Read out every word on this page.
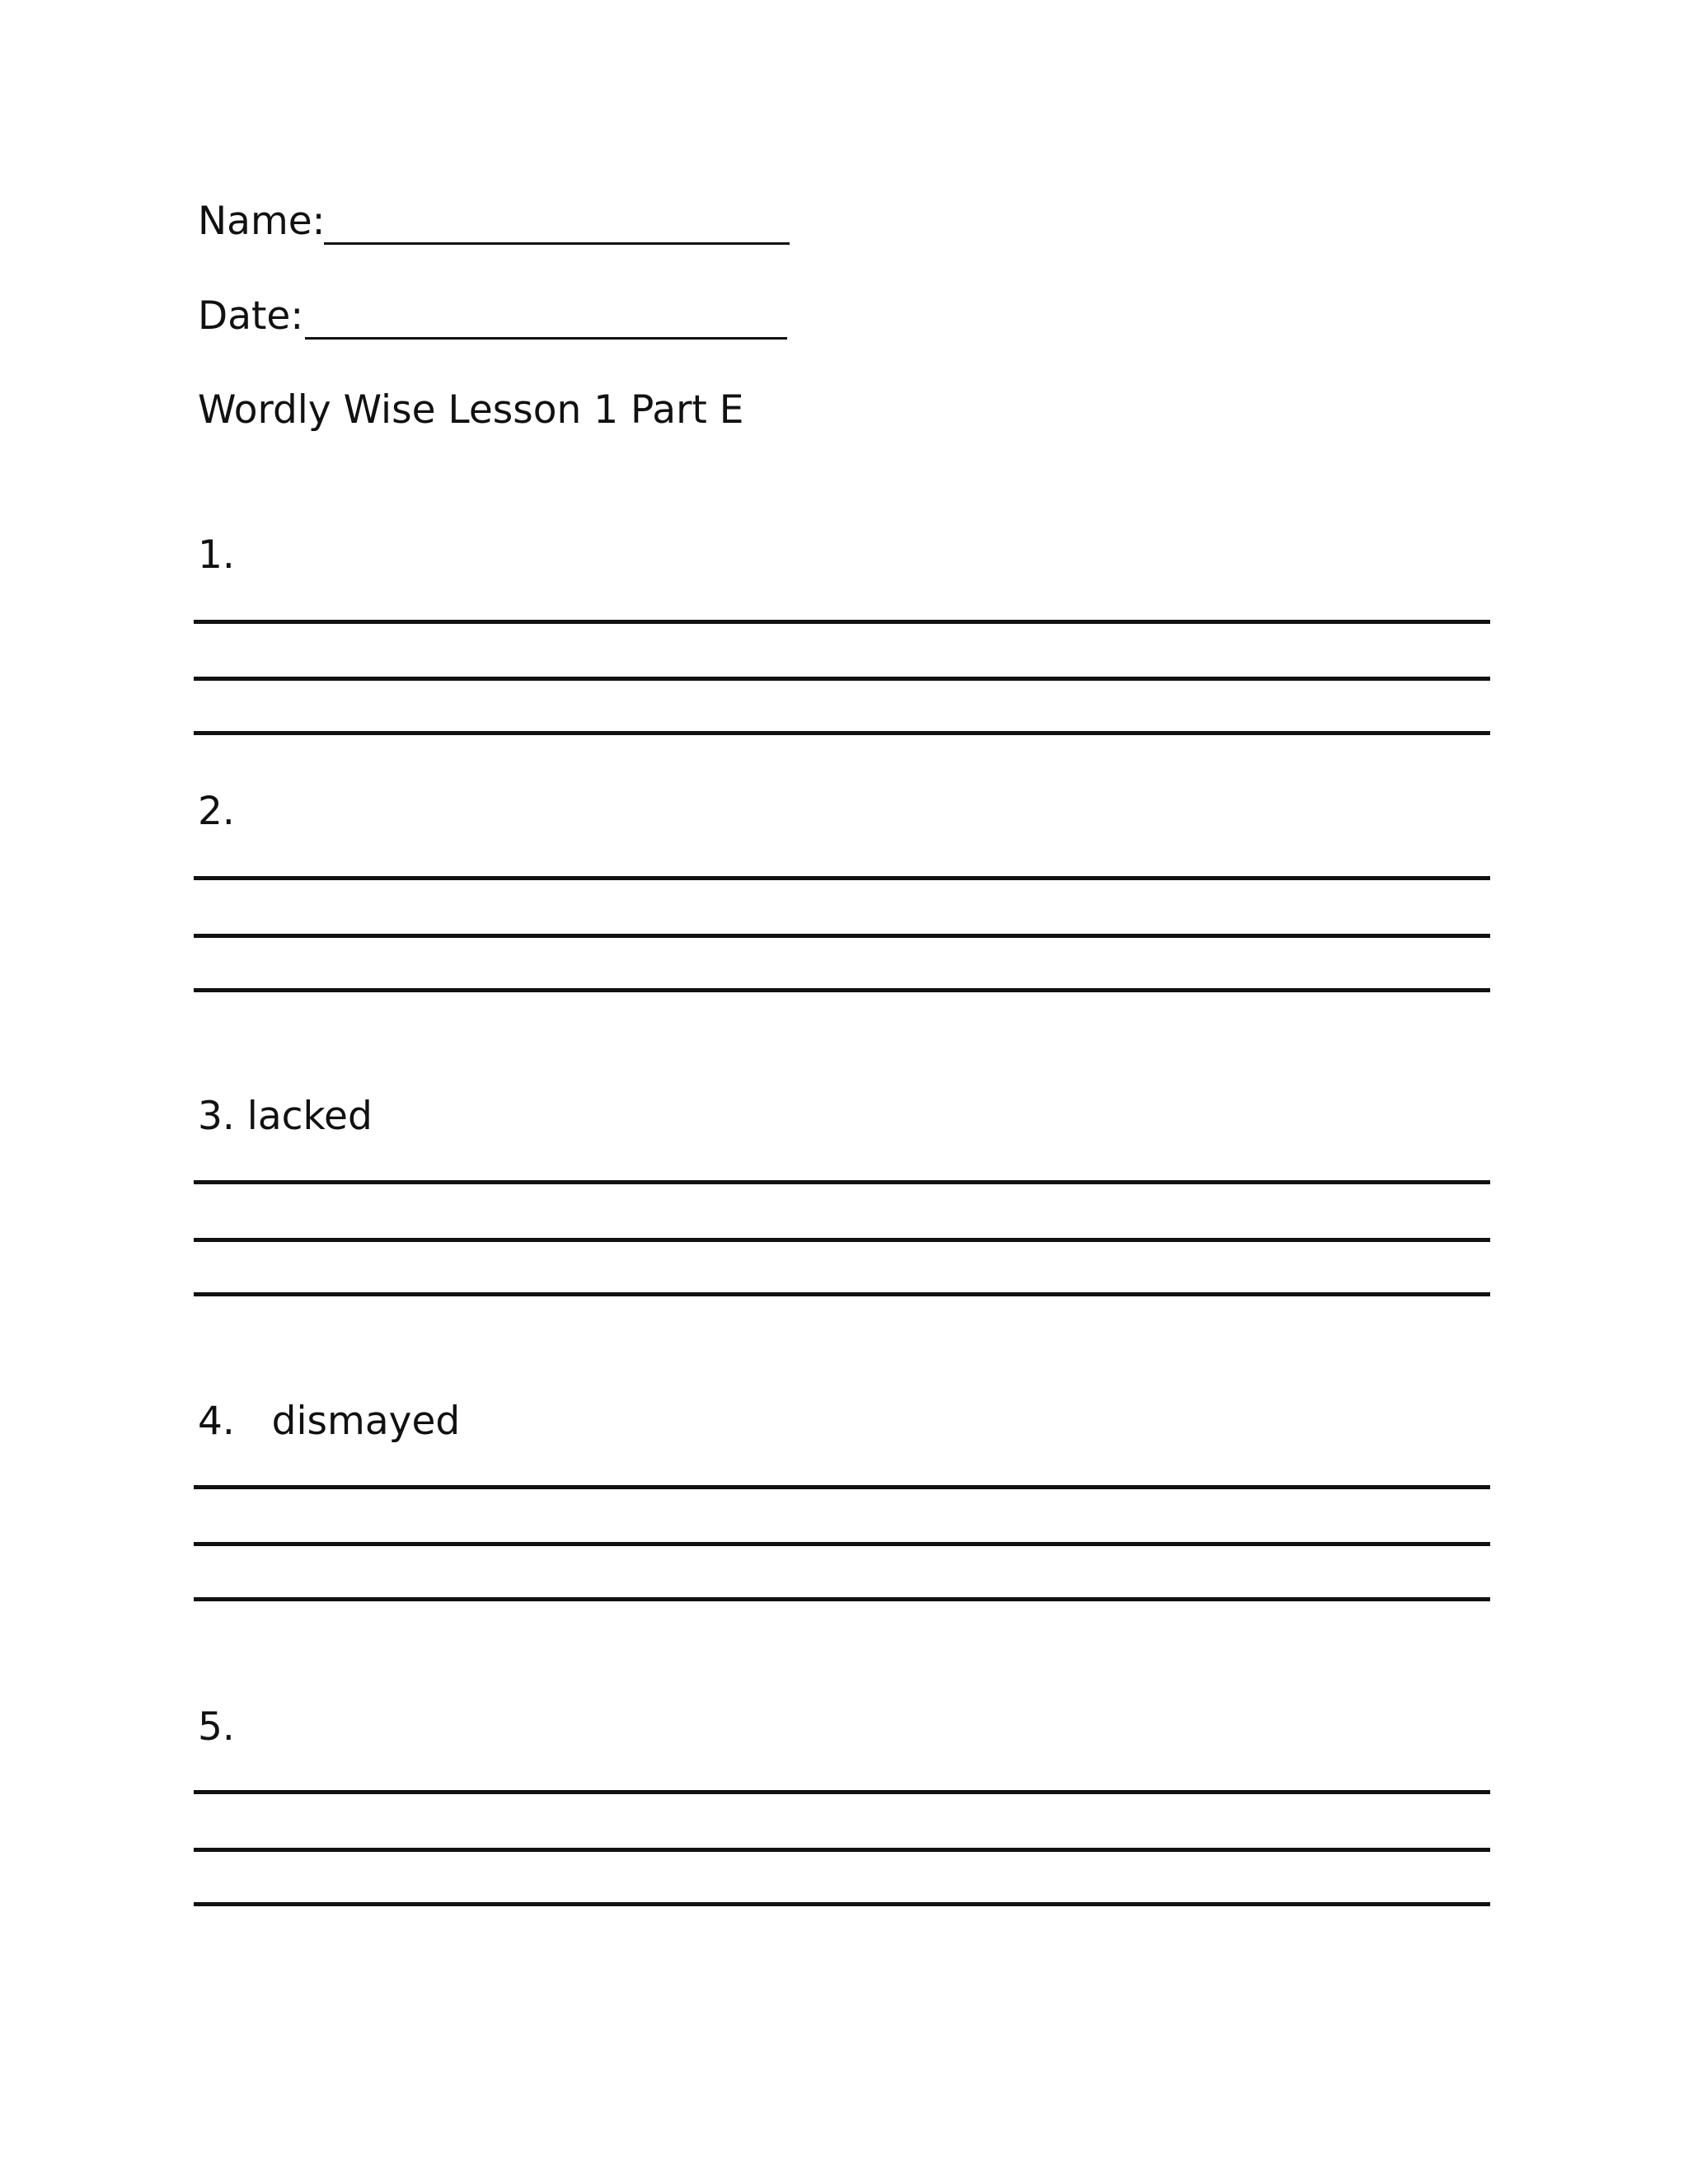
Name:
Date:
Wordly Wise Lesson 1 Part E
1.
2.
3. lacked
4.   dismayed
5.
